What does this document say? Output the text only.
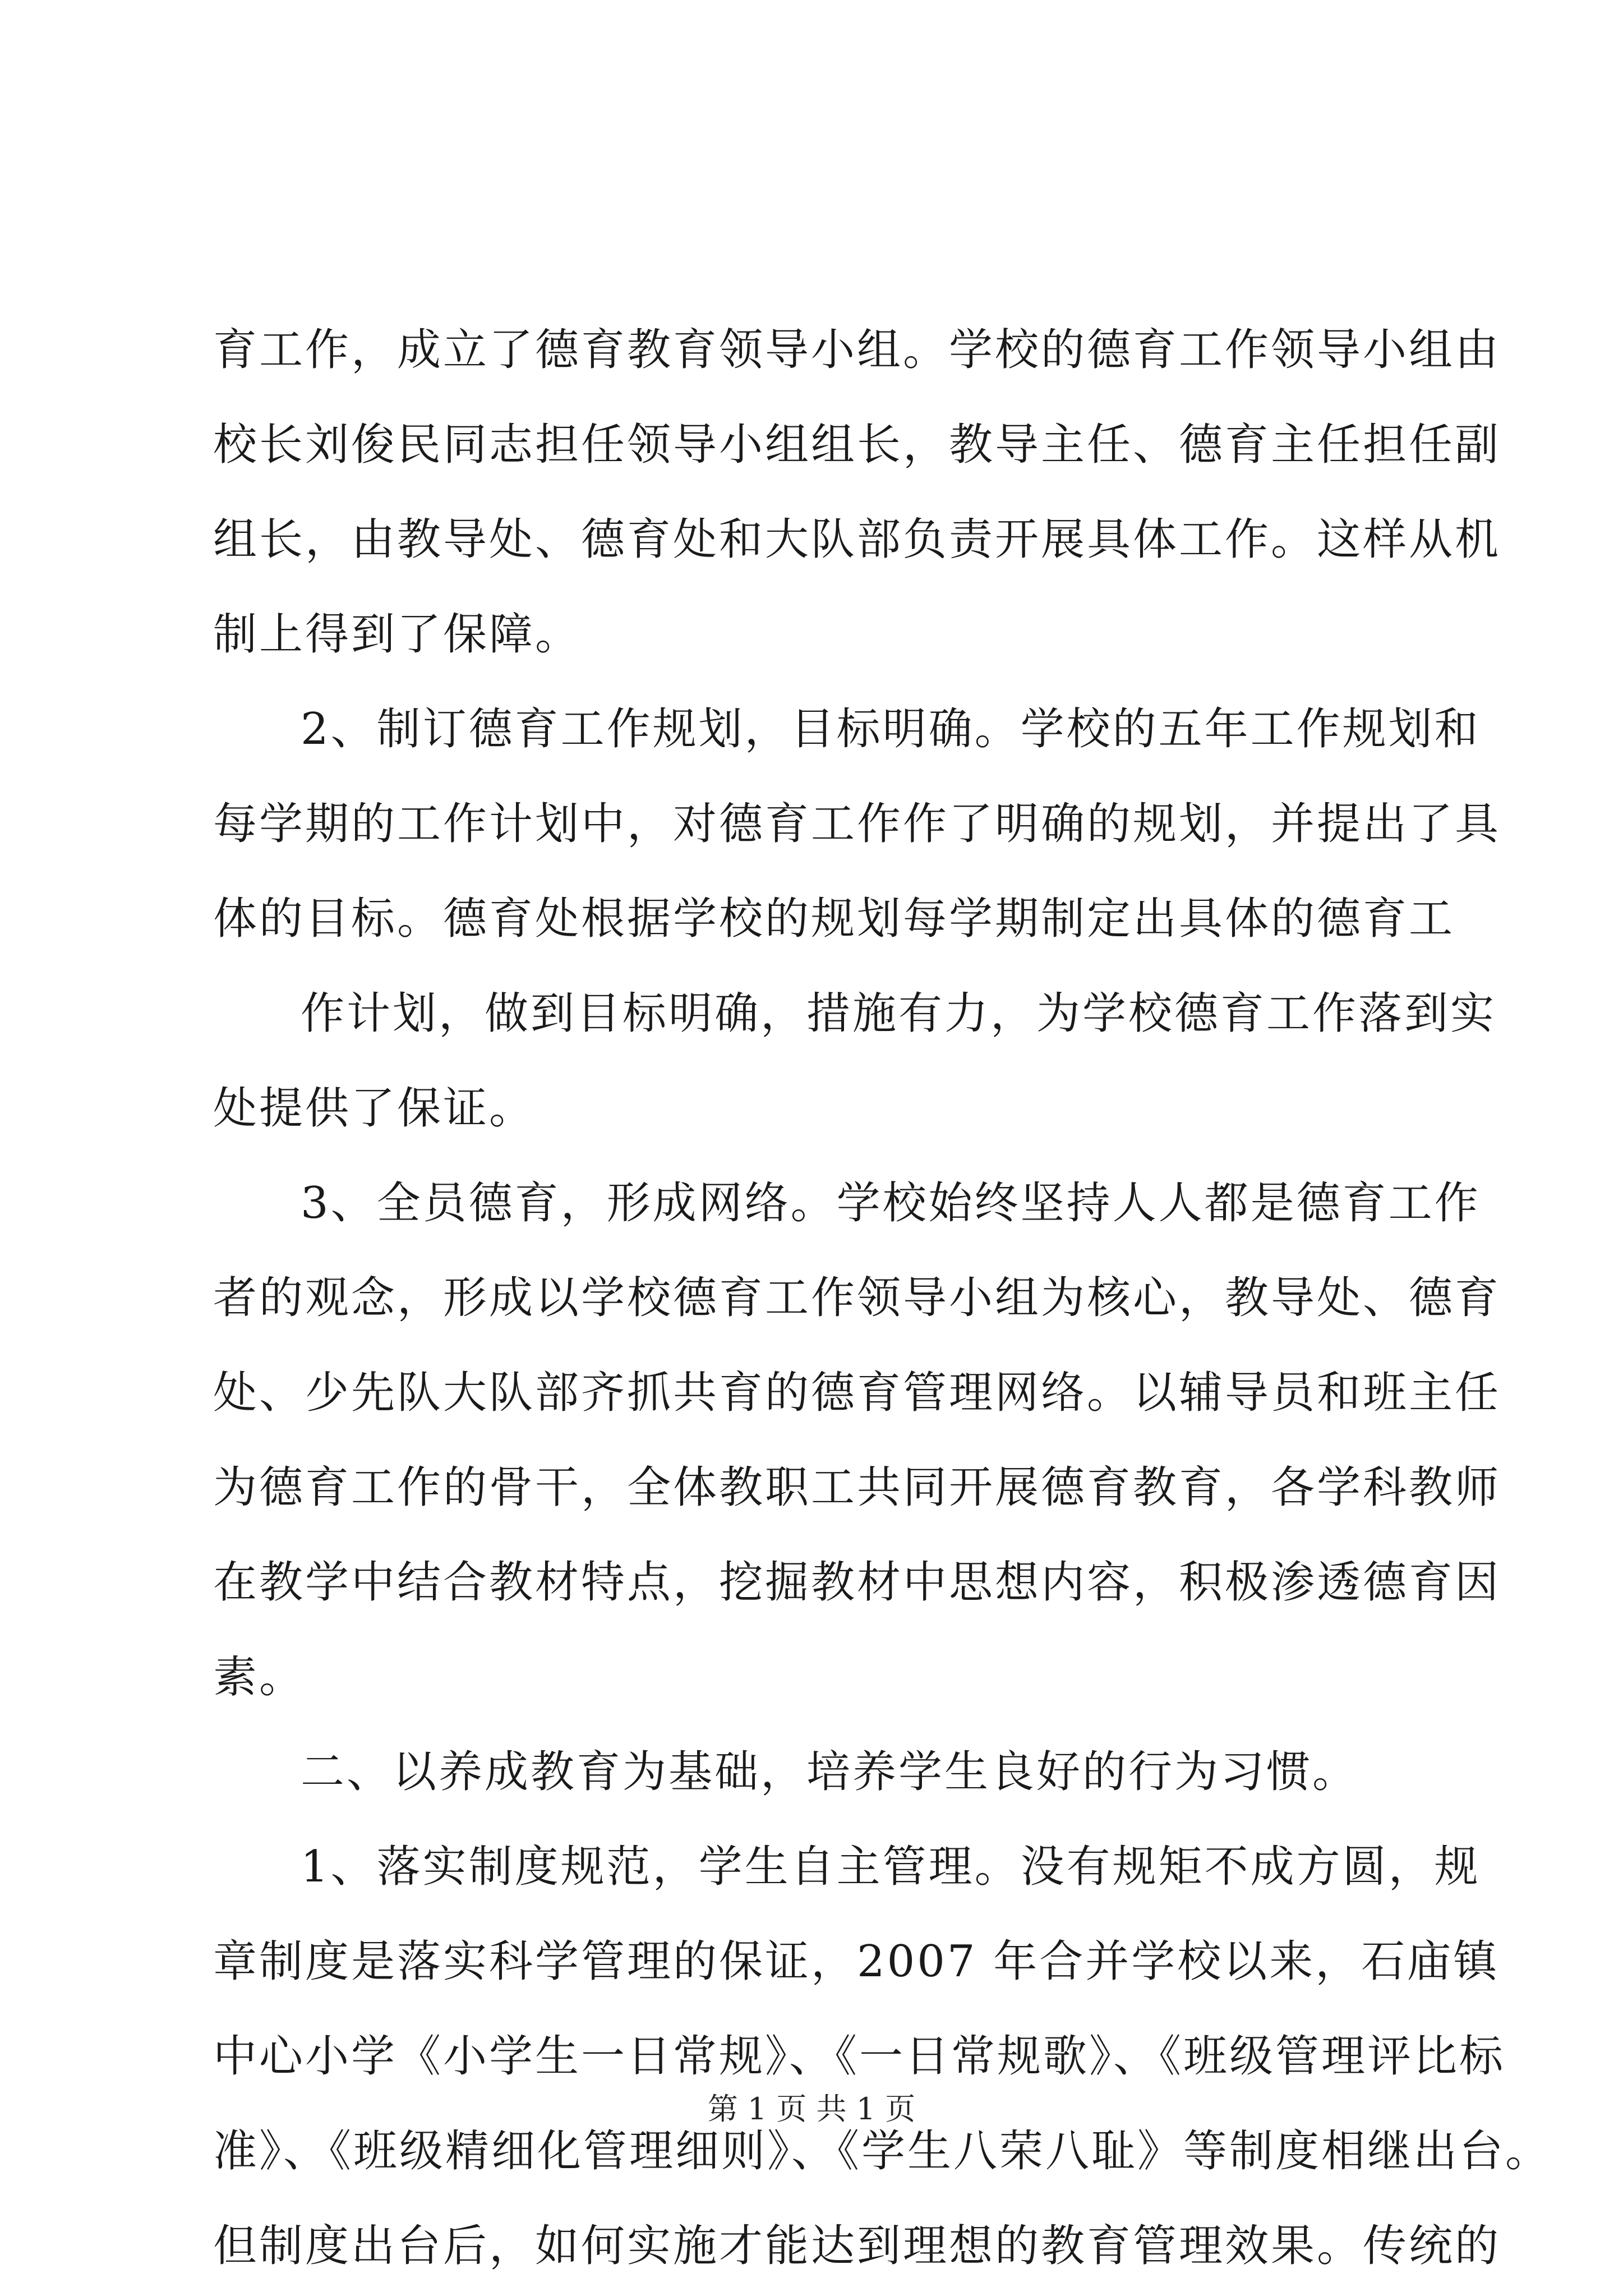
育工作，成立了德育教育领导小组。学校的德育工作领导小组由
校长刘俊民同志担任领导小组组长，教导主任、德育主任担任副
组长，由教导处、德育处和大队部负责开展具体工作。这样从机
制上得到了保障。
2、制订德育工作规划，目标明确。学校的五年工作规划和
每学期的工作计划中，对德育工作作了明确的规划，并提出了具
体的目标。德育处根据学校的规划每学期制定出具体的德育工
作计划，做到目标明确，措施有力，为学校德育工作落到实
处提供了保证。
3、全员德育，形成网络。学校始终坚持人人都是德育工作
者的观念，形成以学校德育工作领导小组为核心，教导处、德育
处、少先队大队部齐抓共育的德育管理网络。以辅导员和班主任
为德育工作的骨干，全体教职工共同开展德育教育，各学科教师
在教学中结合教材特点，挖掘教材中思想内容，积极渗透德育因
素。
二、以养成教育为基础，培养学生良好的行为习惯。
1、落实制度规范，学生自主管理。没有规矩不成方圆，规
章制度是落实科学管理的保证，2007 年合并学校以来，石庙镇
中心小学《小学生一日常规》、《一日常规歌》、《班级管理评比标
准》、《班级精细化管理细则》、《学生八荣八耻》等制度相继出台。
但制度出台后，如何实施才能达到理想的教育管理效果。传统的
第 1 页 共 1 页
